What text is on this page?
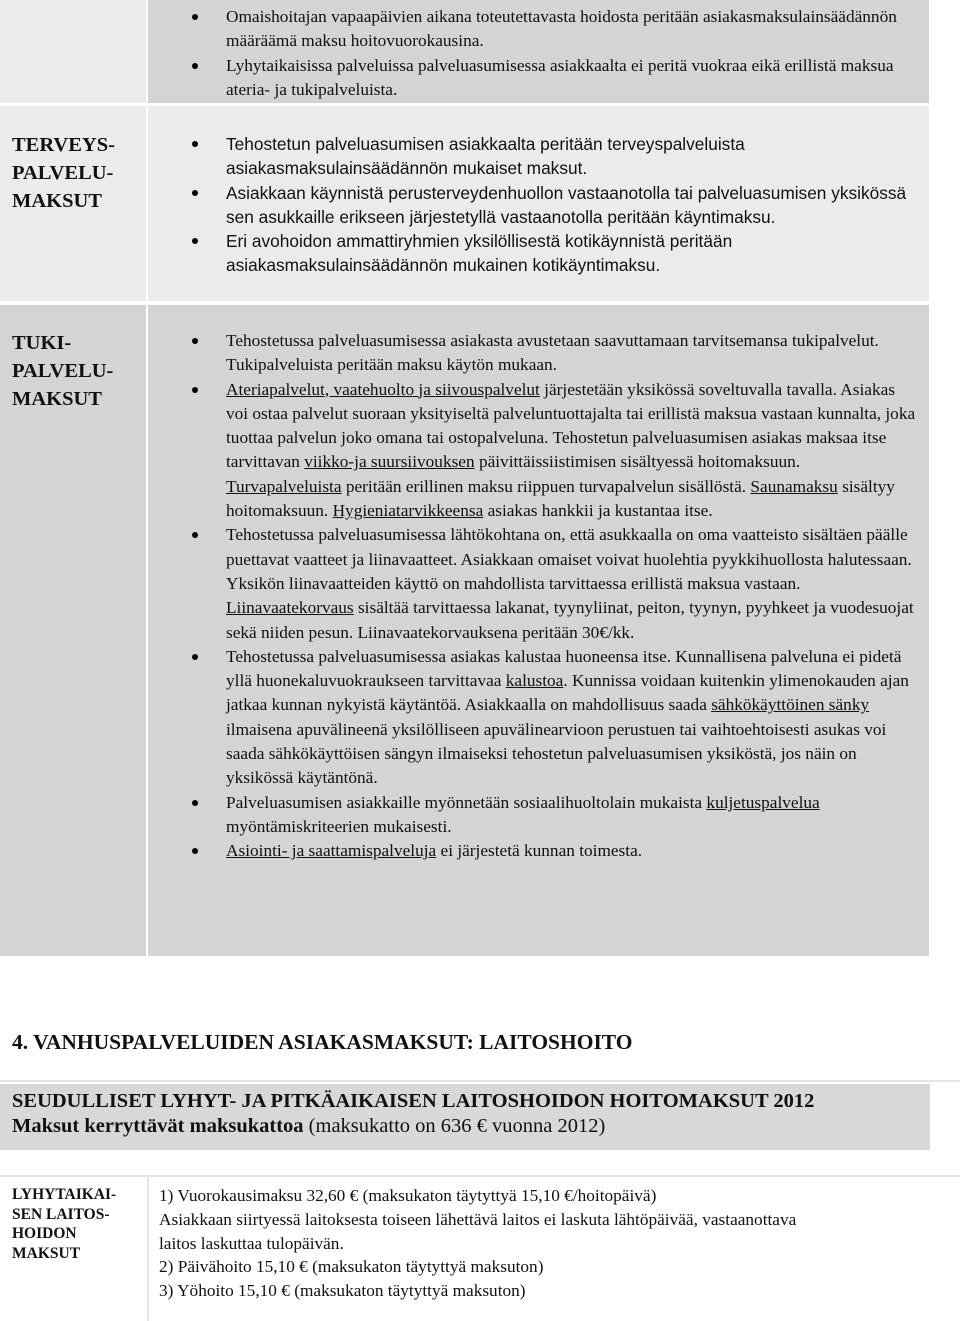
Omaishoitajan vapaapäivien aikana toteutettavasta hoidosta peritään asiakasmaksulainsäädännön määräämä maksu hoitovuorokausina.
Lyhytaikaisissa palveluissa palveluasumisessa asiakkaalta ei peritä vuokraa eikä erillistä maksua ateria- ja tukipalveluista.
TERVEYS-
PALVELU-
MAKSUT
Tehostetun palveluasumisen asiakkaalta peritään terveyspalveluista asiakasmaksulainsäädännön mukaiset maksut.
Asiakkaan käynnistä perusterveydenhuollon vastaanotolla tai palveluasumisen yksikössä sen asukkaille erikseen järjestetyllä vastaanotolla peritään käyntimaksu.
Eri avohoidon ammattiryhmien yksilöllisestä kotikäynnistä peritään asiakasmaksulainsäädännön mukainen kotikäyntimaksu.
TUKI-
PALVELU-
MAKSUT
Tehostetussa palveluasumisessa asiakasta avustetaan saavuttamaan tarvitsemansa tukipalvelut. Tukipalveluista peritään maksu käytön mukaan.
Ateriapalvelut, vaatehuolto ja siivouspalvelut järjestetään yksikössä soveltuvalla tavalla. Asiakas voi ostaa palvelut suoraan yksityiseltä palveluntuottajalta tai erillistä maksua vastaan kunnalta, joka tuottaa palvelun joko omana tai ostopalveluna. Tehostetun palveluasumisen asiakas maksaa itse tarvittavan viikko-ja suursiivouksen päivittäissiistimisen sisältyessä hoitomaksuun. Turvapalveluista peritään erillinen maksu riippuen turvapalvelun sisällöstä. Saunamaksu sisältyy hoitomaksuun. Hygieniatarvikkeensa asiakas hankkii ja kustantaa itse.
Tehostetussa palveluasumisessa lähtökohtana on, että asukkaalla on oma vaatteisto sisältäen päälle puettavat vaatteet ja liinavaatteet. Asiakkaan omaiset voivat huolehtia pyykkihuollosta halutessaan. Yksikön liinavaatteiden käyttö on mahdollista tarvittaessa erillistä maksua vastaan. Liinavaatekorvaus sisältää tarvittaessa lakanat, tyynyliinat, peiton, tyynyn, pyyhkeet ja vuodesuojat sekä niiden pesun. Liinavaatekorvauksena peritään 30€/kk.
Tehostetussa palveluasumisessa asiakas kalustaa huoneensa itse. Kunnallisena palveluna ei pidetä yllä huonekaluvuokraukseen tarvittavaa kalustoa. Kunnissa voidaan kuitenkin ylimenokauden ajan jatkaa kunnan nykyistä käytäntöä. Asiakkaalla on mahdollisuus saada sähkökäyttöinen sänky ilmaisena apuvälineenä yksilölliseen apuvälinearvioon perustuen tai vaihtoehtoisesti asukas voi saada sähkökäyttöisen sängyn ilmaiseksi tehostetun palveluasumisen yksiköstä, jos näin on yksikössä käytäntönä.
Palveluasumisen asiakkaille myönnetään sosiaalihuoltolain mukaista kuljetuspalvelua myöntämiskriteerien mukaisesti.
Asiointi- ja saattamispalveluja ei järjestetä kunnan toimesta.
4. VANHUSPALVELUIDEN ASIAKASMAKSUT: LAITOSHOITO
SEUDULLISET LYHYT- JA PITKÄAIKAISEN LAITOSHOIDON HOITOMAKSUT 2012
Maksut kerryttävät maksukattoa (maksukatto on 636 € vuonna 2012)
LYHYTAIKAI-
SEN LAITOS-
HOIDON
MAKSUT
1) Vuorokausimaksu 32,60 € (maksukaton täytyttyä 15,10 €/hoitopäivä)
Asiakkaan siirtyessä laitoksesta toiseen lähettävä laitos ei laskuta lähtöpäivää, vastaanottava
laitos laskuttaa tulopäivän.
2) Päivähoito 15,10 € (maksukaton täytyttyä maksuton)
3) Yöhoito 15,10 € (maksukaton täytyttyä maksuton)
